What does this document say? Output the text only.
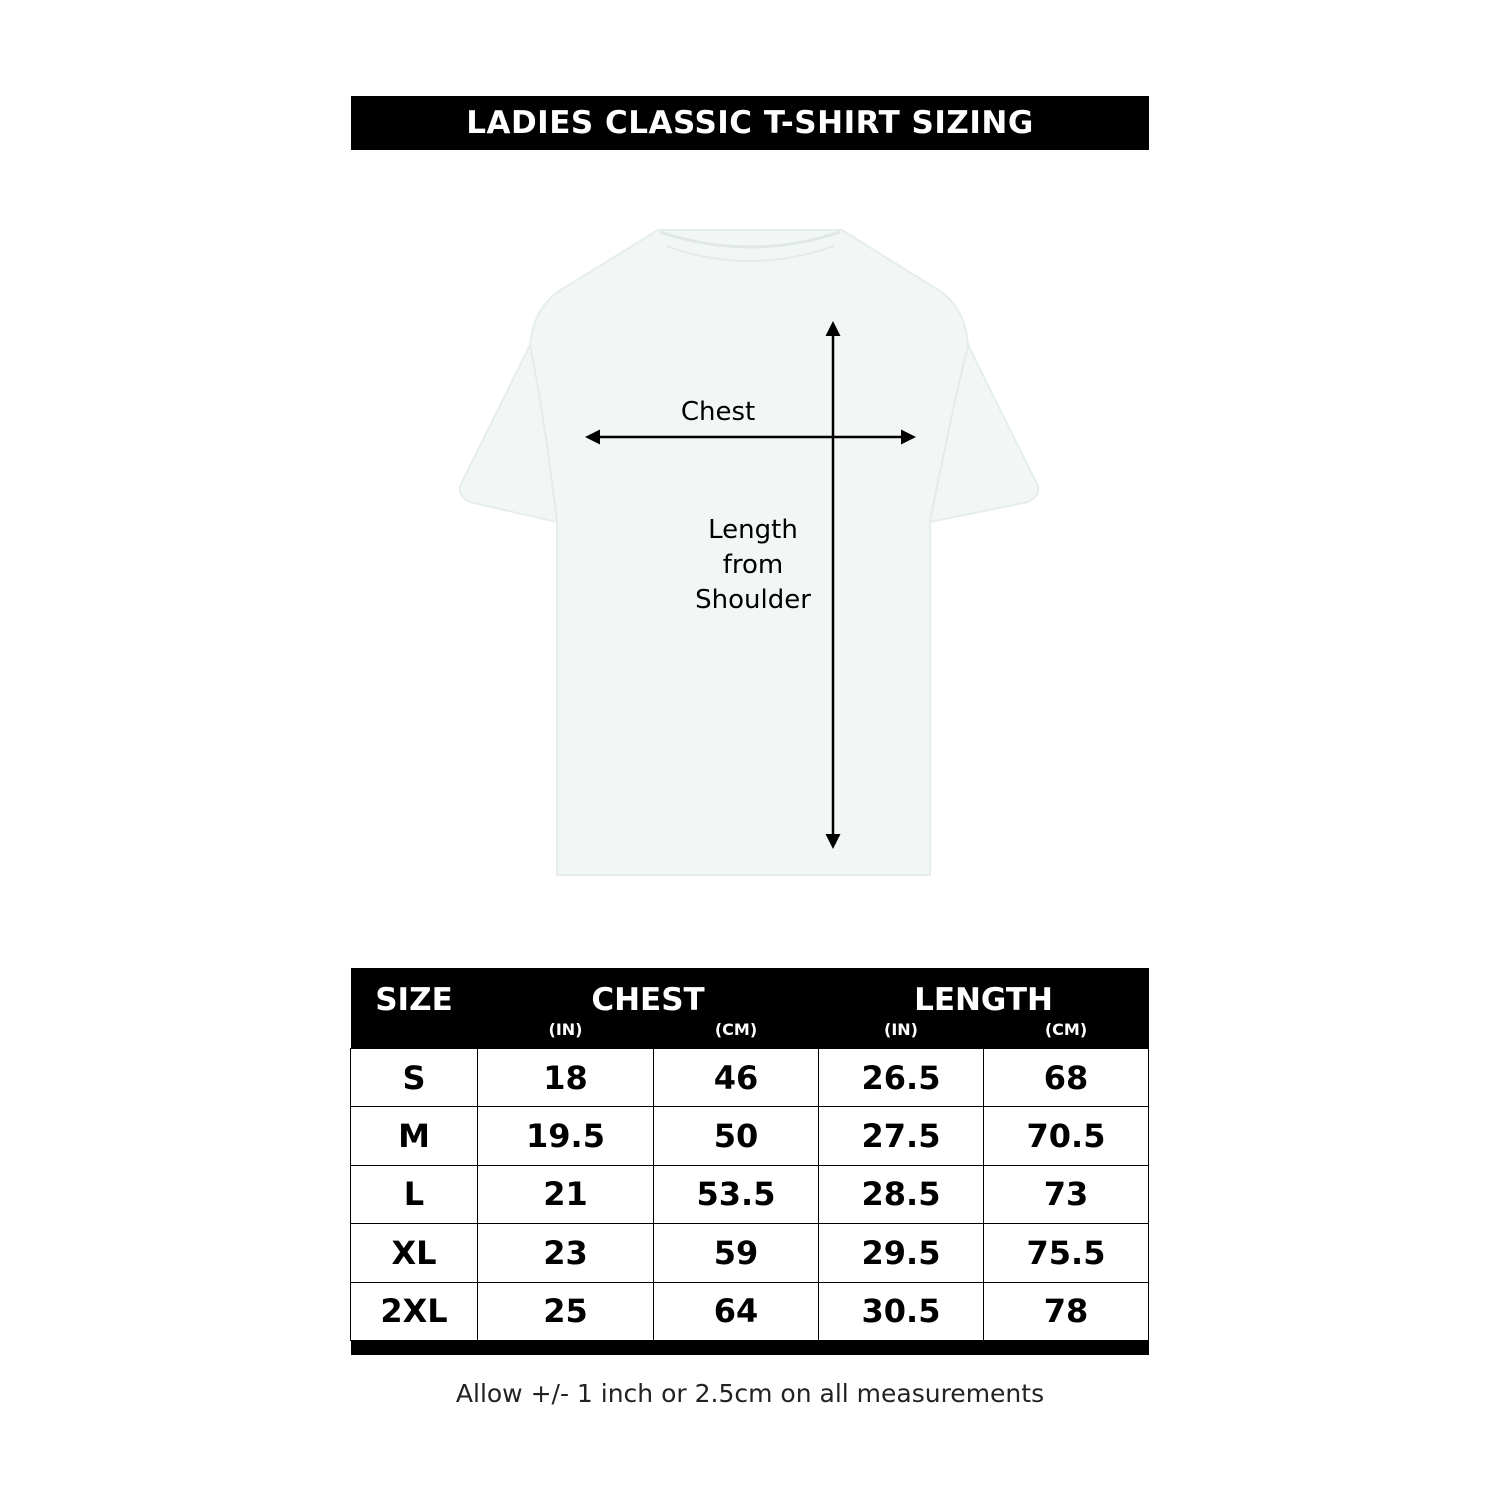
LADIES CLASSIC T-SHIRT SIZING
Chest
Length
from
Shoulder
SIZE	CHEST		LENGTH	
	(IN)	(CM)	(IN)	(CM)
S	18	46	26.5	68
M	19.5	50	27.5	70.5
L	21	53.5	28.5	73
XL	23	59	29.5	75.5
2XL	25	64	30.5	78

Allow +/- 1 inch or 2.5cm on all measurements
